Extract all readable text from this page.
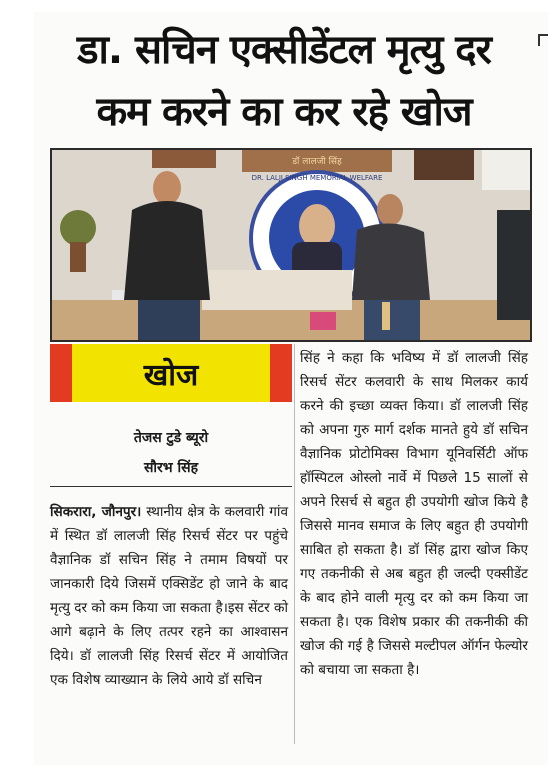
डा. सचिन एक्सीडेंटल मृत्यु दर
कम करने का कर रहे खोज
डॉ लालजी सिंह
DR. LALJI SINGH MEMORIAL WELFARE
खोज
तेजस टुडे ब्यूरो
सौरभ सिंह

सिकरारा, जौनपुर। स्थानीय क्षेत्र के कलवारी गांव में स्थित डॉ लालजी सिंह रिसर्च सेंटर पर पहुंचे वैज्ञानिक डॉ सचिन सिंह ने तमाम विषयों पर जानकारी दिये जिसमें एक्सिडेंट हो जाने के बाद मृत्यु दर को कम किया जा सकता है।इस सेंटर को आगे बढ़ाने के लिए तत्पर रहने का आश्वासन दिये। डॉ लालजी सिंह रिसर्च सेंटर में आयोजित एक विशेष व्याख्यान के लिये आये डॉ सचिन

सिंह ने कहा कि भविष्य में डॉ लालजी सिंह रिसर्च सेंटर कलवारी के साथ मिलकर कार्य करने की इच्छा व्यक्त किया। डॉ लालजी सिंह को अपना गुरु मार्ग दर्शक मानते हुये डॉ सचिन वैज्ञानिक प्रोटोमिक्स विभाग यूनिवर्सिटी ऑफ हॉस्पिटल ओस्लो नार्वे में पिछले 15 सालों से अपने रिसर्च से बहुत ही उपयोगी खोज किये है जिससे मानव समाज के लिए बहुत ही उपयोगी साबित हो सकता है। डॉ सिंह द्वारा खोज किए गए तकनीकी से अब बहुत ही जल्दी एक्सीडेंट के बाद होने वाली मृत्यु दर को कम किया जा सकता है। एक विशेष प्रकार की तकनीकी की खोज की गई है जिससे मल्टीपल ऑर्गन फेल्योर को बचाया जा सकता है।
